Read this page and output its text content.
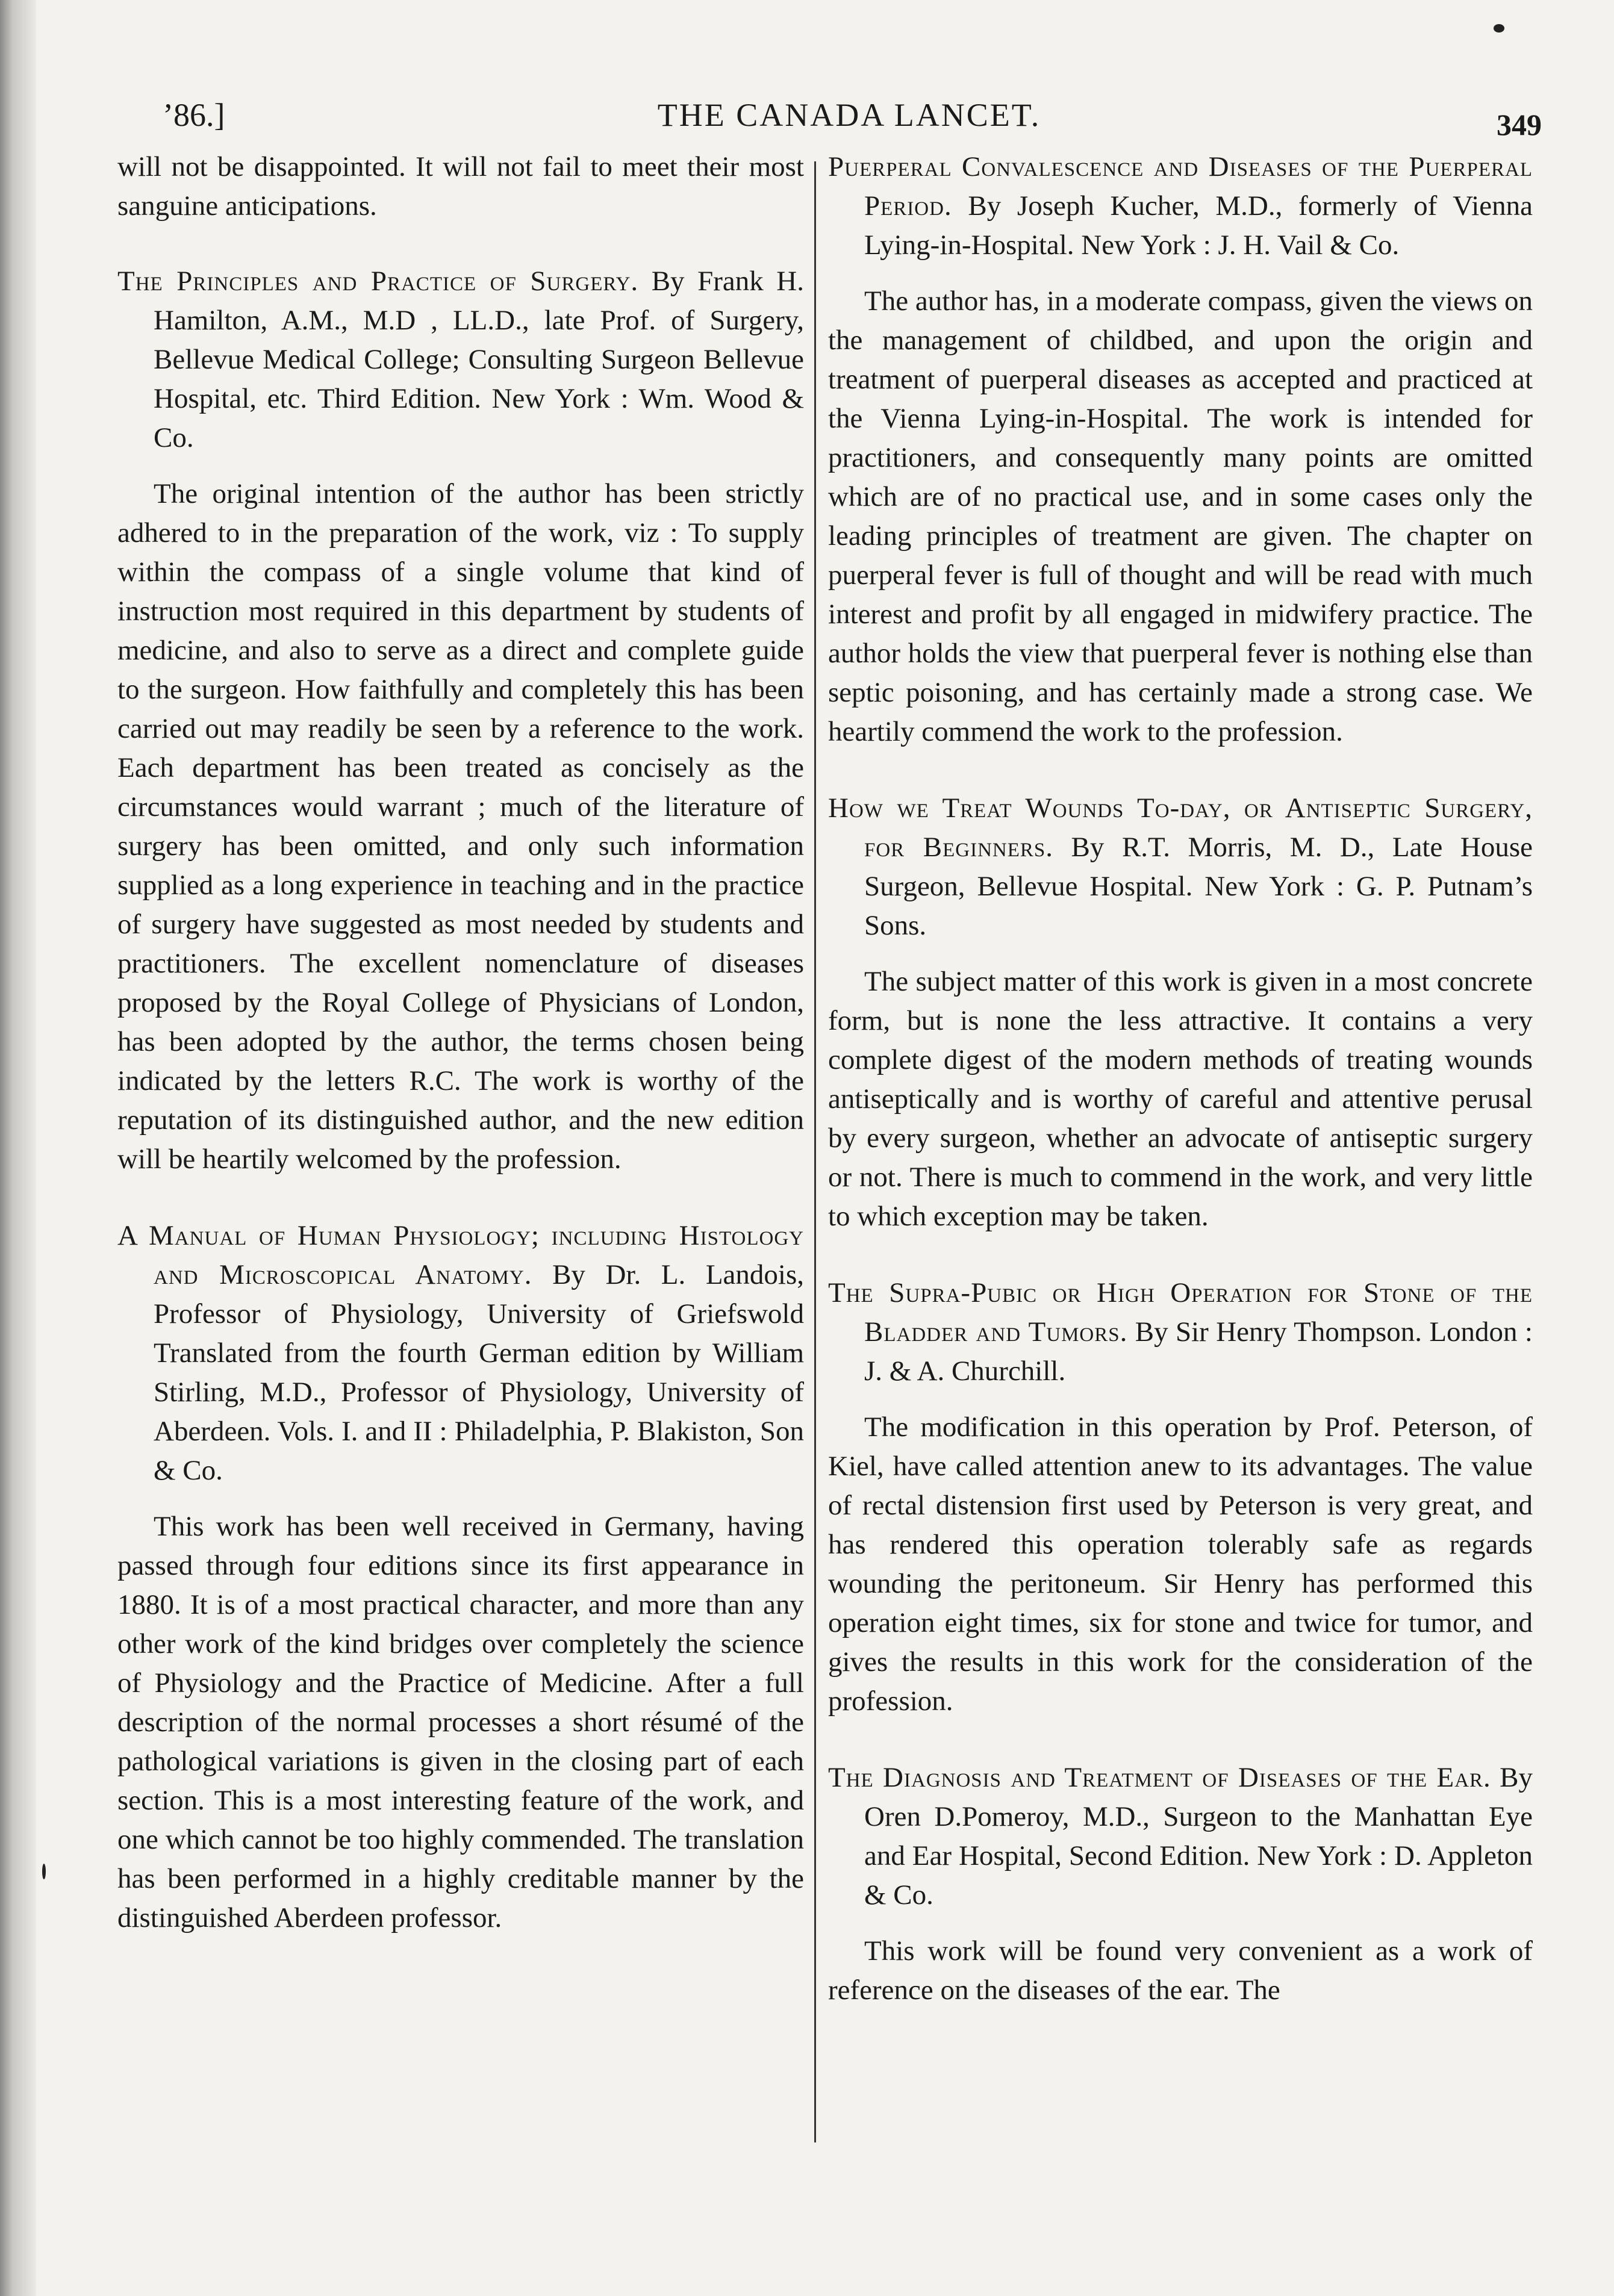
’86.]	THE CANADA LANCET.	349

will not be disappointed. It will not fail to meet their most sanguine anticipations.

The Principles and Practice of Surgery. By Frank H. Hamilton, A.M., M.D , LL.D., late Prof. of Surgery, Bellevue Medical College; Consulting Surgeon Bellevue Hospital, etc. Third Edition. New York : Wm. Wood & Co.

The original intention of the author has been strictly adhered to in the preparation of the work, viz : To supply within the compass of a single volume that kind of instruction most required in this department by students of medicine, and also to serve as a direct and complete guide to the surgeon. How faithfully and completely this has been carried out may readily be seen by a reference to the work. Each department has been treated as concisely as the circumstances would warrant ; much of the literature of surgery has been omitted, and only such information supplied as a long experience in teaching and in the practice of surgery have suggested as most needed by students and practitioners. The excellent nomenclature of diseases proposed by the Royal College of Physicians of London, has been adopted by the author, the terms chosen being indicated by the letters R.C. The work is worthy of the reputation of its distinguished author, and the new edition will be heartily welcomed by the profession.

A Manual of Human Physiology; including Histology and Microscopical Anatomy. By Dr. L. Landois, Professor of Physiology, University of Griefswold Translated from the fourth German edition by William Stirling, M.D., Professor of Physiology, University of Aberdeen. Vols. I. and II : Philadelphia, P. Blakiston, Son & Co.

This work has been well received in Germany, having passed through four editions since its first appearance in 1880. It is of a most practical character, and more than any other work of the kind bridges over completely the science of Physiology and the Practice of Medicine. After a full description of the normal processes a short résumé of the pathological variations is given in the closing part of each section. This is a most interesting feature of the work, and one which cannot be too highly commended. The translation has been performed in a highly creditable manner by the distinguished Aberdeen professor.

Puerperal Convalescence and Diseases of the Puerperal Period. By Joseph Kucher, M.D., formerly of Vienna Lying-in-Hospital. New York : J. H. Vail & Co.

The author has, in a moderate compass, given the views on the management of childbed, and upon the origin and treatment of puerperal diseases as accepted and practiced at the Vienna Lying-in-Hospital. The work is intended for practitioners, and consequently many points are omitted which are of no practical use, and in some cases only the leading principles of treatment are given. The chapter on puerperal fever is full of thought and will be read with much interest and profit by all engaged in midwifery practice. The author holds the view that puerperal fever is nothing else than septic poisoning, and has certainly made a strong case. We heartily commend the work to the profession.

How we Treat Wounds To-day, or Antiseptic Surgery, for Beginners. By R.T. Morris, M. D., Late House Surgeon, Bellevue Hospital. New York : G. P. Putnam’s Sons.

The subject matter of this work is given in a most concrete form, but is none the less attractive. It contains a very complete digest of the modern methods of treating wounds antiseptically and is worthy of careful and attentive perusal by every surgeon, whether an advocate of antiseptic surgery or not. There is much to commend in the work, and very little to which exception may be taken.

The Supra-Pubic or High Operation for Stone of the Bladder and Tumors. By Sir Henry Thompson. London : J. & A. Churchill.

The modification in this operation by Prof. Peterson, of Kiel, have called attention anew to its advantages. The value of rectal distension first used by Peterson is very great, and has rendered this operation tolerably safe as regards wounding the peritoneum. Sir Henry has performed this operation eight times, six for stone and twice for tumor, and gives the results in this work for the consideration of the profession.

The Diagnosis and Treatment of Diseases of the Ear. By Oren D.Pomeroy, M.D., Surgeon to the Manhattan Eye and Ear Hospital, Second Edition. New York : D. Appleton & Co.

This work will be found very convenient as a work of reference on the diseases of the ear. The
